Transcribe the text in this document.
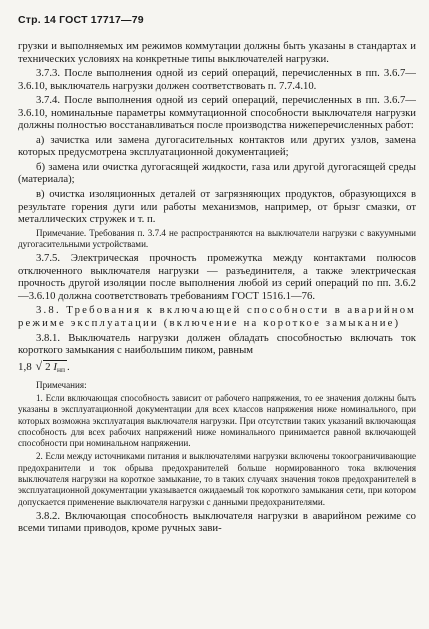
Стр. 14 ГОСТ 17717—79

грузки и выполняемых им режимов коммутации должны быть указаны в стандартах и технических условиях на конкретные типы выключателей нагрузки.

3.7.3. После выполнения одной из серий операций, перечисленных в пп. 3.6.7—3.6.10, выключатель нагрузки должен соответствовать п. 7.7.4.10.

3.7.4. После выполнения одной из серий операций, перечисленных в пп. 3.6.7—3.6.10, номинальные параметры коммутационной способности выключателя нагрузки должны полностью восстанавливаться после производства нижеперечисленных работ:

а) зачистка или замена дугогасительных контактов или других узлов, замена которых предусмотрена эксплуатационной документацией;

б) замена или очистка дугогасящей жидкости, газа или другой дугогасящей среды (материала);

в) очистка изоляционных деталей от загрязняющих продуктов, образующихся в результате горения дуги или работы механизмов, например, от брызг смазки, от металлических стружек и т. п.

Примечание. Требования п. 3.7.4 не распространяются на выключатели нагрузки с вакуумными дугогасительными устройствами.

3.7.5. Электрическая прочность промежутка между контактами полюсов отключенного выключателя нагрузки — разъединителя, а также электрическая прочность другой изоляции после выполнения любой из серий операций по пп. 3.6.2—3.6.10 должна соответствовать требованиям ГОСТ 1516.1—76.

3.8. Требования к включающей способности в аварийном режиме эксплуатации (включение на короткое замыкание)

3.8.1. Выключатель нагрузки должен обладать способностью включать ток короткого замыкания с наибольшим пиком, равным

1,8 √ 2 Iнп .

Примечания:

1. Если включающая способность зависит от рабочего напряжения, то ее значения должны быть указаны в эксплуатационной документации для всех классов напряжения ниже номинального, при которых возможна эксплуатация выключателя нагрузки. При отсутствии таких указаний включающая способность для всех рабочих напряжений ниже номинального принимается равной включающей способности при номинальном напряжении.

2. Если между источниками питания и выключателями нагрузки включены токоограничивающие предохранители и ток обрыва предохранителей больше нормированного тока включения выключателя нагрузки на короткое замыкание, то в таких случаях значения токов предохранителей в эксплуатационной документации указывается ожидаемый ток короткого замыкания сети, при котором допускается применение выключателя нагрузки с данными предохранителями.

3.8.2. Включающая способность выключателя нагрузки в аварийном режиме со всеми типами приводов, кроме ручных зави-
